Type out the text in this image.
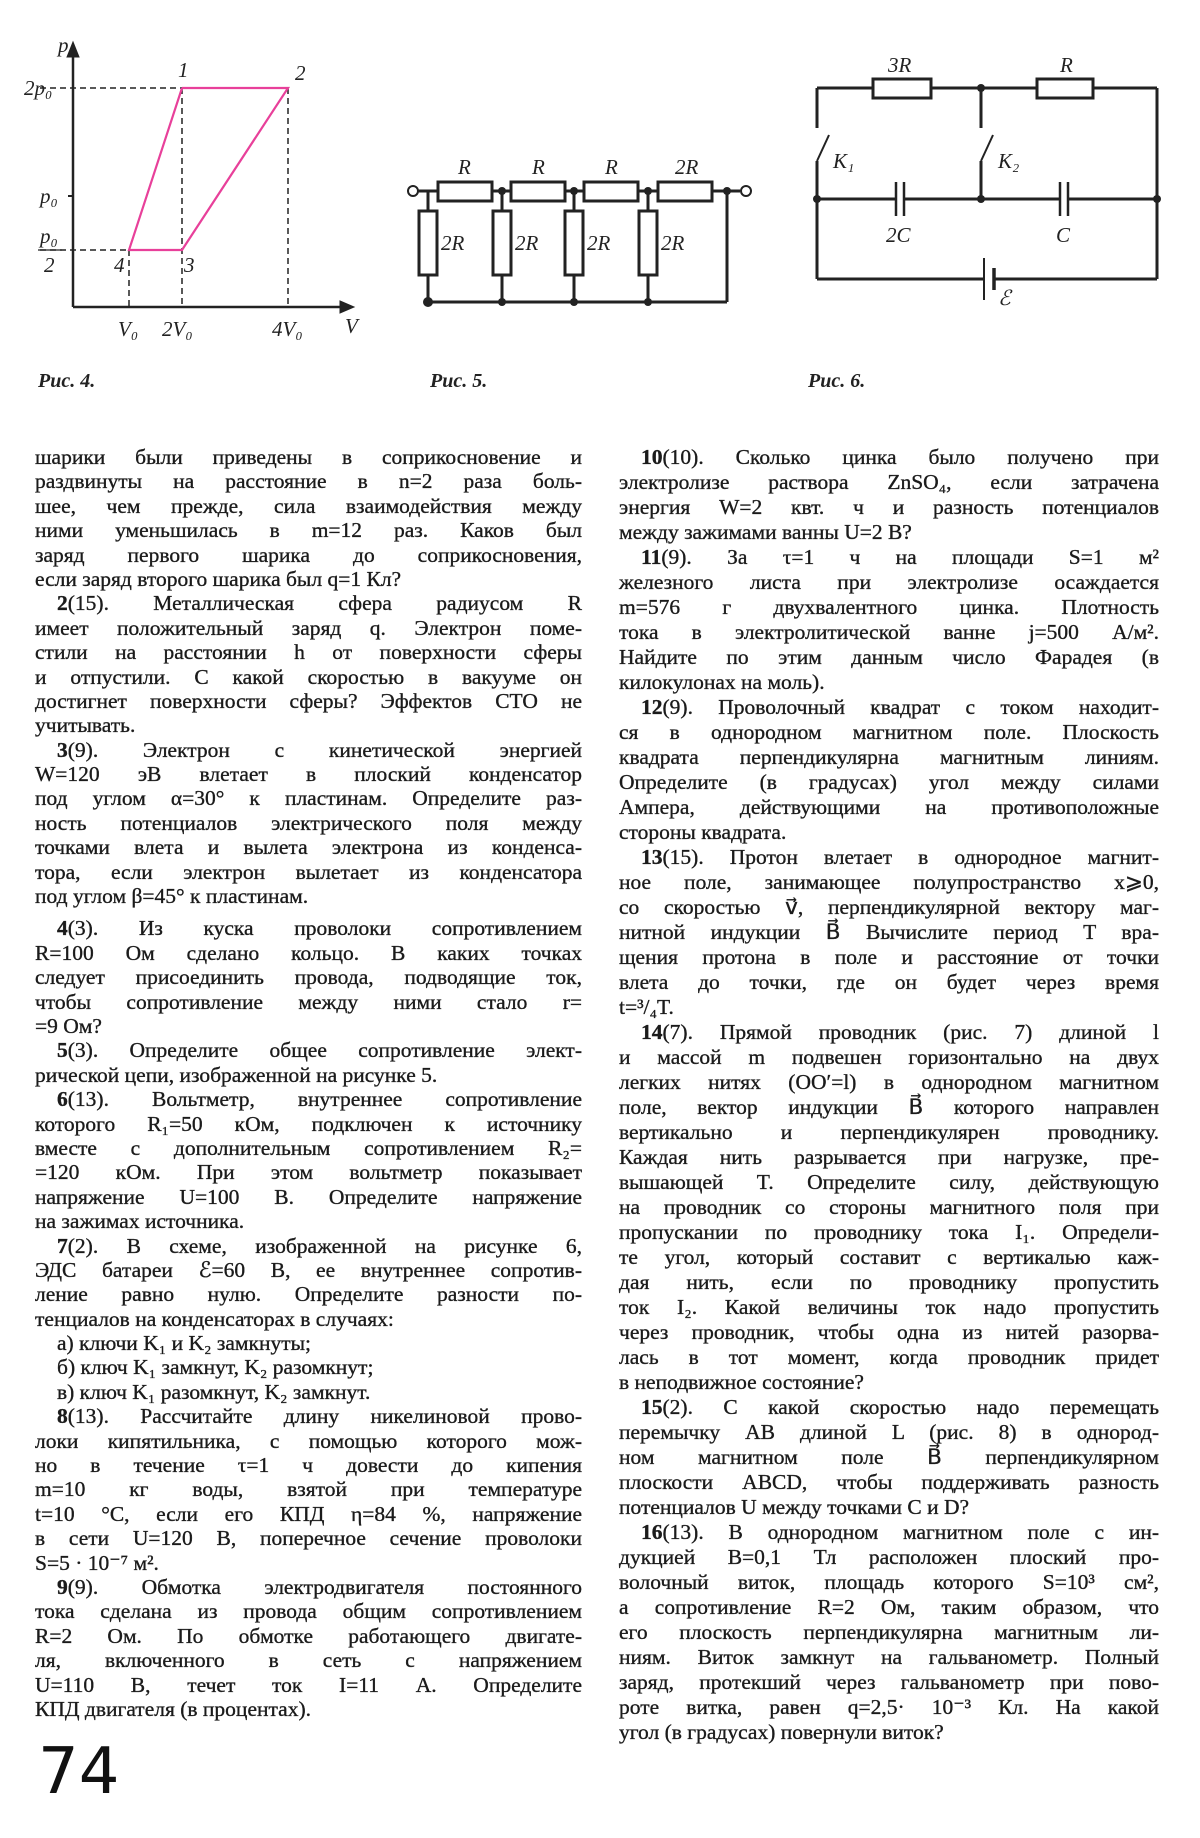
p
V
2p₀
p₀
p₀
2
V₀ 2V₀	4V₀
1	2
3
4
R	R	R	2R
2R 2R 2R 2R
3R	R
K₁	K₂
2C	C
ℰ
Рис. 4.	Рис. 5.	Рис. 6.
шарики были приведены в соприкосновение и
раздвинуты на расстояние в n=2 раза боль-
шее, чем прежде, сила взаимодействия между
ними уменьшилась в m=12 раз. Каков был
заряд первого шарика до соприкосновения,
если заряд второго шарика был q=1 Кл?
2(15). Металлическая сфера радиусом R
имеет положительный заряд q. Электрон поме-
стили на расстоянии h от поверхности сферы
и отпустили. С какой скоростью в вакууме он
достигнет поверхности сферы? Эффектов СТО не
учитывать.
3(9). Электрон с кинетической энергией
W=120 эВ влетает в плоский конденсатор
под углом α=30° к пластинам. Определите раз-
ность потенциалов электрического поля между
точками влета и вылета электрона из конденса-
тора, если электрон вылетает из конденсатора
под углом β=45° к пластинам.
4(3). Из куска проволоки сопротивлением
R=100 Ом сделано кольцо. В каких точках
следует присоединить провода, подводящие ток,
чтобы сопротивление между ними стало r=
=9 Ом?
5(3). Определите общее сопротивление элект-
рической цепи, изображенной на рисунке 5.
6(13). Вольтметр, внутреннее сопротивление
которого R₁=50 кОм, подключен к источнику
вместе с дополнительным сопротивлением R₂=
=120 кОм. При этом вольтметр показывает
напряжение U=100 В. Определите напряжение
на зажимах источника.
7(2). В схеме, изображенной на рисунке 6,
ЭДС батареи ℰ=60 В, ее внутреннее сопротив-
ление равно нулю. Определите разности по-
тенциалов на конденсаторах в случаях:
а) ключи K₁ и K₂ замкнуты;
б) ключ K₁ замкнут, K₂ разомкнут;
в) ключ K₁ разомкнут, K₂ замкнут.
8(13). Рассчитайте длину никелиновой прово-
локи кипятильника, с помощью которого мож-
но в течение τ=1 ч довести до кипения
m=10 кг воды, взятой при температуре
t=10 °С, если его КПД η=84 %, напряжение
в сети U=120 В, поперечное сечение проволоки
S=5 · 10⁻⁷ м².
9(9). Обмотка электродвигателя постоянного
тока сделана из провода общим сопротивлением
R=2 Ом. По обмотке работающего двигате-
ля, включенного в сеть с напряжением
U=110 В, течет ток I=11 А. Определите
КПД двигателя (в процентах).
10(10). Сколько цинка было получено при
электролизе раствора ZnSO₄, если затрачена
энергия W=2 квт. ч и разность потенциалов
между зажимами ванны U=2 В?
11(9). За τ=1 ч на площади S=1 м²
железного листа при электролизе осаждается
m=576 г двухвалентного цинка. Плотность
тока в электролитической ванне j=500 А/м².
Найдите по этим данным число Фарадея (в
килокулонах на моль).
12(9). Проволочный квадрат с током находит-
ся в однородном магнитном поле. Плоскость
квадрата перпендикулярна магнитным линиям.
Определите (в градусах) угол между силами
Ампера, действующими на противоположные
стороны квадрата.
13(15). Протон влетает в однородное магнит-
ное поле, занимающее полупространство x⩾0,
со скоростью v⃗, перпендикулярной вектору маг-
нитной индукции B⃗ Вычислите период T вра-
щения протона в поле и расстояние от точки
влета до точки, где он будет через время
t=³/₄T.
14(7). Прямой проводник (рис. 7) длиной l
и массой m подвешен горизонтально на двух
легких нитях (OO′=l) в однородном магнитном
поле, вектор индукции B⃗ которого направлен
вертикально и перпендикулярен проводнику.
Каждая нить разрывается при нагрузке, пре-
вышающей T. Определите силу, действующую
на проводник со стороны магнитного поля при
пропускании по проводнику тока I₁. Определи-
те угол, который составит с вертикалью каж-
дая нить, если по проводнику пропустить
ток I₂. Какой величины ток надо пропустить
через проводник, чтобы одна из нитей разорва-
лась в тот момент, когда проводник придет
в неподвижное состояние?
15(2). С какой скоростью надо перемещать
перемычку AB длиной L (рис. 8) в однород-
ном магнитном поле B⃗ перпендикулярном
плоскости ABCD, чтобы поддерживать разность
потенциалов U между точками C и D?
16(13). В однородном магнитном поле с ин-
дукцией B=0,1 Тл расположен плоский про-
волочный виток, площадь которого S=10³ см²,
а сопротивление R=2 Ом, таким образом, что
его плоскость перпендикулярна магнитным ли-
ниям. Виток замкнут на гальванометр. Полный
заряд, протекший через гальванометр при пово-
роте витка, равен q=2,5· 10⁻³ Кл. На какой
угол (в градусах) повернули виток?
74
